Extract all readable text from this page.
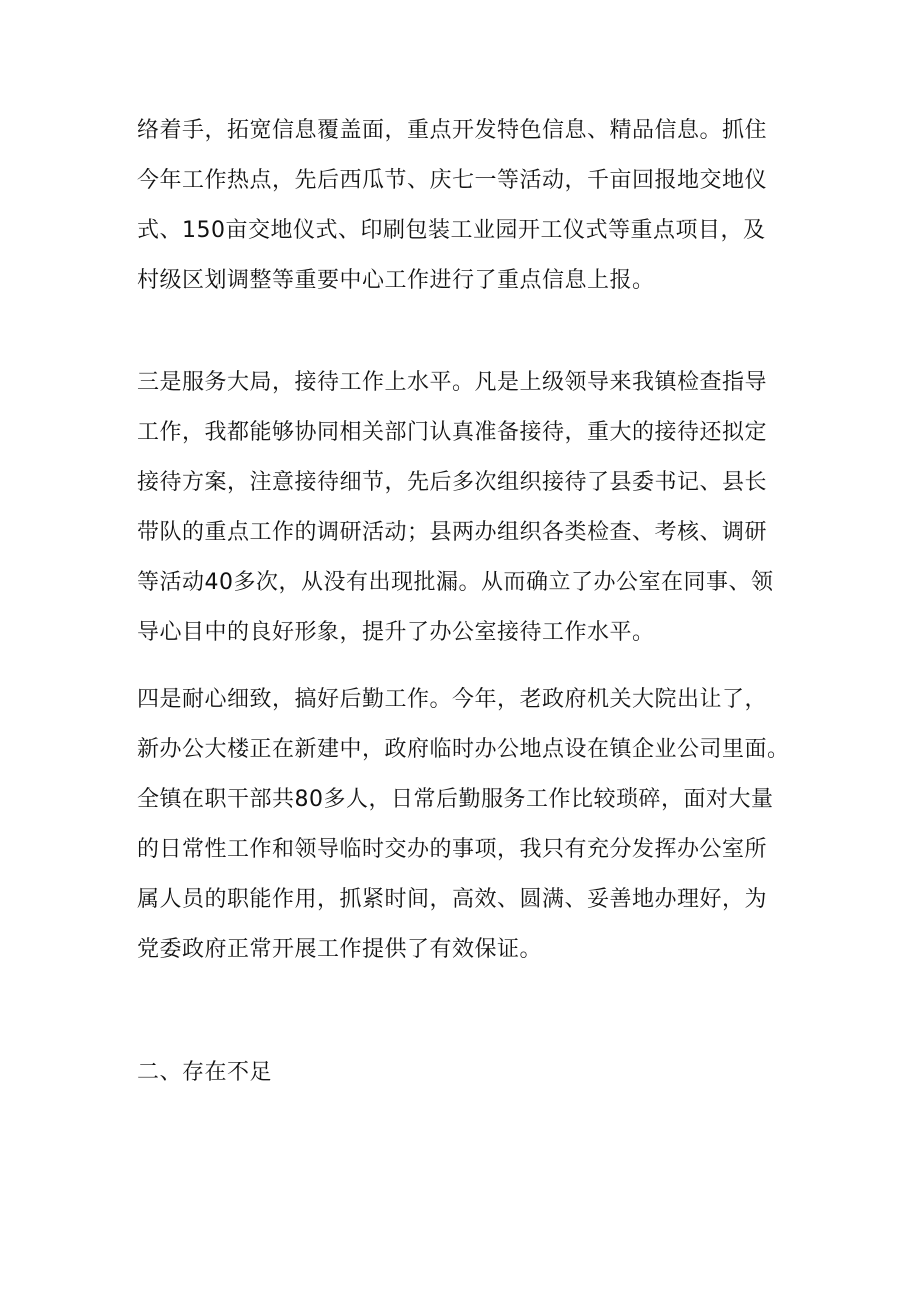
络着手，拓宽信息覆盖面，重点开发特色信息、精品信息。抓住
今年工作热点，先后西瓜节、庆七一等活动，千亩回报地交地仪
式、150亩交地仪式、印刷包装工业园开工仪式等重点项目，及
村级区划调整等重要中心工作进行了重点信息上报。
三是服务大局，接待工作上水平。凡是上级领导来我镇检查指导
工作，我都能够协同相关部门认真准备接待，重大的接待还拟定
接待方案，注意接待细节，先后多次组织接待了县委书记、县长
带队的重点工作的调研活动；县两办组织各类检查、考核、调研
等活动40多次，从没有出现批漏。从而确立了办公室在同事、领
导心目中的良好形象，提升了办公室接待工作水平。
四是耐心细致，搞好后勤工作。今年，老政府机关大院出让了，
新办公大楼正在新建中，政府临时办公地点设在镇企业公司里面。
全镇在职干部共80多人，日常后勤服务工作比较琐碎，面对大量
的日常性工作和领导临时交办的事项，我只有充分发挥办公室所
属人员的职能作用，抓紧时间，高效、圆满、妥善地办理好，为
党委政府正常开展工作提供了有效保证。
二、存在不足
